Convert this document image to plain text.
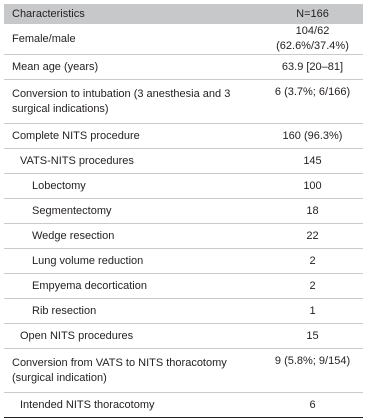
Characteristics	N=166
Female/male	104/62 (62.6%/37.4%)
Mean age (years)	63.9 [20–81]
Conversion to intubation (3 anesthesia and 3 surgical indications)	6 (3.7%; 6/166)
Complete NITS procedure	160 (96.3%)
VATS-NITS procedures	145
Lobectomy	100
Segmentectomy	18
Wedge resection	22
Lung volume reduction	2
Empyema decortication	2
Rib resection	1
Open NITS procedures	15
Conversion from VATS to NITS thoracotomy (surgical indication)	9 (5.8%; 9/154)
Intended NITS thoracotomy	6
